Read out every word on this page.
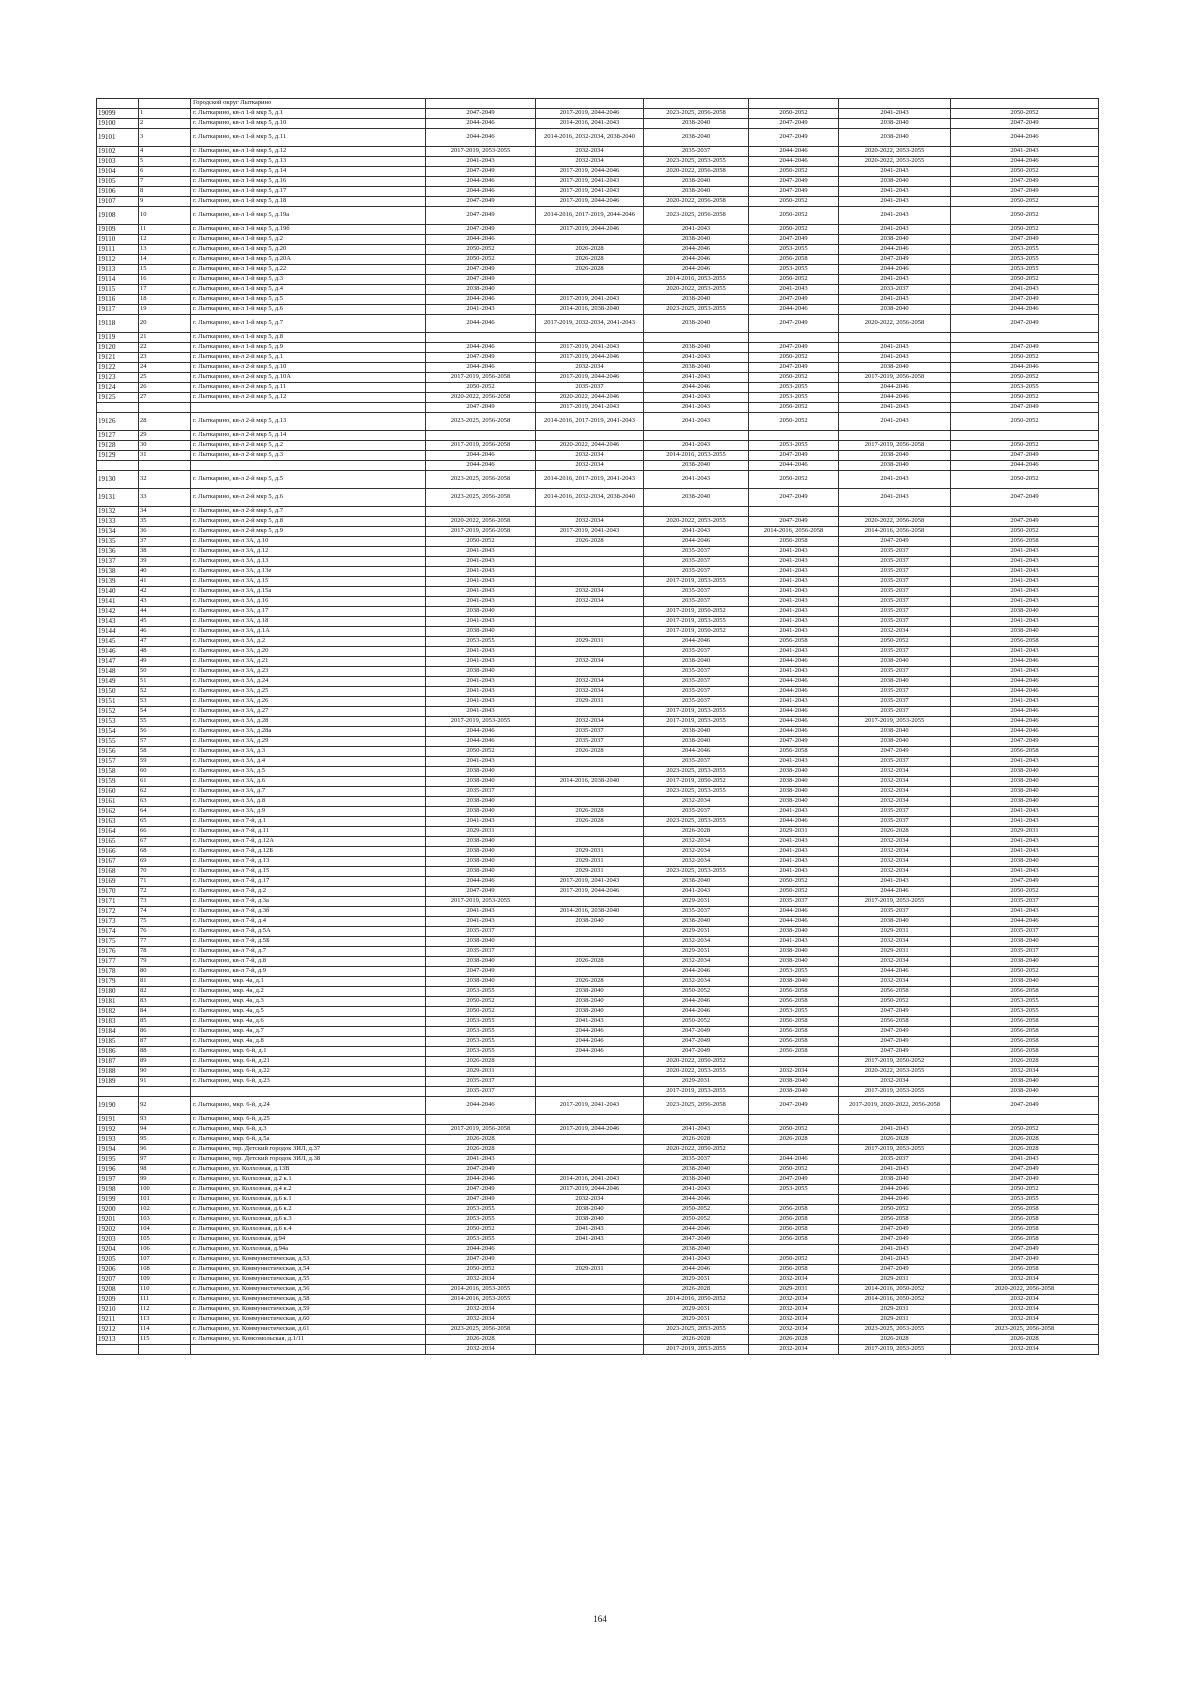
		Городской округ Лыткарино						
19099	1	г. Лыткарино, кв-л 1-й мкр 5, д.1	2047-2049	2017-2019, 2044-2046	2023-2025, 2056-2058	2050-2052	2041-2043	2050-2052
19100	2	г. Лыткарино, кв-л 1-й мкр 5, д.10	2044-2046	2014-2016, 2041-2043	2038-2040	2047-2049	2038-2040	2047-2049
19101	3	г. Лыткарино, кв-л 1-й мкр 5, д.11	2044-2046	2014-2016, 2032-2034, 2038-2040	2038-2040	2047-2049	2038-2040	2044-2046
19102	4	г. Лыткарино, кв-л 1-й мкр 5, д.12	2017-2019, 2053-2055	2032-2034	2035-2037	2044-2046	2020-2022, 2053-2055	2041-2043
19103	5	г. Лыткарино, кв-л 1-й мкр 5, д.13	2041-2043	2032-2034	2023-2025, 2053-2055	2044-2046	2020-2022, 2053-2055	2044-2046
19104	6	г. Лыткарино, кв-л 1-й мкр 5, д.14	2047-2049	2017-2019, 2044-2046	2020-2022, 2056-2058	2050-2052	2041-2043	2050-2052
19105	7	г. Лыткарино, кв-л 1-й мкр 5, д.16	2044-2046	2017-2019, 2041-2043	2038-2040	2047-2049	2038-2040	2047-2049
19106	8	г. Лыткарино, кв-л 1-й мкр 5, д.17	2044-2046	2017-2019, 2041-2043	2038-2040	2047-2049	2041-2043	2047-2049
19107	9	г. Лыткарино, кв-л 1-й мкр 5, д.18	2047-2049	2017-2019, 2044-2046	2020-2022, 2056-2058	2050-2052	2041-2043	2050-2052
19108	10	г. Лыткарино, кв-л 1-й мкр 5, д.19а	2047-2049	2014-2016, 2017-2019, 2044-2046	2023-2025, 2056-2058	2050-2052	2041-2043	2050-2052
19109	11	г. Лыткарино, кв-л 1-й мкр 5, д.19б	2047-2049	2017-2019, 2044-2046	2041-2043	2050-2052	2041-2043	2050-2052
19110	12	г. Лыткарино, кв-л 1-й мкр 5, д.2	2044-2046		2038-2040	2047-2049	2038-2040	2047-2049
19111	13	г. Лыткарино, кв-л 1-й мкр 5, д.20	2050-2052	2026-2028	2044-2046	2053-2055	2044-2046	2053-2055
19112	14	г. Лыткарино, кв-л 1-й мкр 5, д.20А	2050-2052	2026-2028	2044-2046	2056-2058	2047-2049	2053-2055
19113	15	г. Лыткарино, кв-л 1-й мкр 5, д.22	2047-2049	2026-2028	2044-2046	2053-2055	2044-2046	2053-2055
19114	16	г. Лыткарино, кв-л 1-й мкр 5, д.3	2047-2049		2014-2016, 2053-2055	2050-2052	2041-2043	2050-2052
19115	17	г. Лыткарино, кв-л 1-й мкр 5, д.4	2038-2040		2020-2022, 2053-2055	2041-2043	2033-2037	2041-2043
19116	18	г. Лыткарино, кв-л 1-й мкр 5, д.5	2044-2046	2017-2019, 2041-2043	2038-2040	2047-2049	2041-2043	2047-2049
19117	19	г. Лыткарино, кв-л 1-й мкр 5, д.6	2041-2043	2014-2016, 2038-2040	2023-2025, 2053-2055	2044-2046	2038-2040	2044-2046
19118	20	г. Лыткарино, кв-л 1-й мкр 5, д.7	2044-2046	2017-2019, 2032-2034, 2041-2043	2038-2040	2047-2049	2020-2022, 2056-2058	2047-2049
19119	21	г. Лыткарино, кв-л 1-й мкр 5, д.8						
19120	22	г. Лыткарино, кв-л 1-й мкр 5, д.9	2044-2046	2017-2019, 2041-2043	2038-2040	2047-2049	2041-2043	2047-2049
19121	23	г. Лыткарино, кв-л 2-й мкр 5, д.1	2047-2049	2017-2019, 2044-2046	2041-2043	2050-2052	2041-2043	2050-2052
19122	24	г. Лыткарино, кв-л 2-й мкр 5, д.10	2044-2046	2032-2034	2038-2040	2047-2049	2038-2040	2044-2046
19123	25	г. Лыткарино, кв-л 2-й мкр 5, д.10А	2017-2019, 2056-2058	2017-2019, 2044-2046	2041-2043	2050-2052	2017-2019, 2056-2058	2050-2052
19124	26	г. Лыткарино, кв-л 2-й мкр 5, д.11	2050-2052	2035-2037	2044-2046	2053-2055	2044-2046	2053-2055
19125	27	г. Лыткарино, кв-л 2-й мкр 5, д.12	2020-2022, 2056-2058	2020-2022, 2044-2046	2041-2043	2053-2055	2044-2046	2050-2052
			2047-2049	2017-2019, 2041-2043	2041-2043	2050-2052	2041-2043	2047-2049
19126	28	г. Лыткарино, кв-л 2-й мкр 5, д.13	2023-2025, 2056-2058	2014-2016, 2017-2019, 2041-2043	2041-2043	2050-2052	2041-2043	2050-2052
19127	29	г. Лыткарино, кв-л 2-й мкр 5, д.14						
19128	30	г. Лыткарино, кв-л 2-й мкр 5, д.2	2017-2019, 2056-2058	2020-2022, 2044-2046	2041-2043	2053-2055	2017-2019, 2056-2058	2050-2052
19129	31	г. Лыткарино, кв-л 2-й мкр 5, д.3	2044-2046	2032-2034	2014-2016, 2053-2055	2047-2049	2038-2040	2047-2049
			2044-2046	2032-2034	2038-2040	2044-2046	2038-2040	2044-2046
19130	32	г. Лыткарино, кв-л 2-й мкр 5, д.5	2023-2025, 2056-2058	2014-2016, 2017-2019, 2041-2043	2041-2043	2050-2052	2041-2043	2050-2052
19131	33	г. Лыткарино, кв-л 2-й мкр 5, д.6	2023-2025, 2056-2058	2014-2016, 2032-2034, 2038-2040	2038-2040	2047-2049	2041-2043	2047-2049
19132	34	г. Лыткарино, кв-л 2-й мкр 5, д.7						
19133	35	г. Лыткарино, кв-л 2-й мкр 5, д.8	2020-2022, 2056-2058	2032-2034	2020-2022, 2053-2055	2047-2049	2020-2022, 2056-2058	2047-2049
19134	36	г. Лыткарино, кв-л 2-й мкр 5, д.9	2017-2019, 2056-2058	2017-2019, 2041-2043	2041-2043	2014-2016, 2056-2058	2014-2016, 2056-2058	2050-2052
19135	37	г. Лыткарино, кв-л 3А, д.10	2050-2052	2026-2028	2044-2046	2056-2058	2047-2049	2056-2058
19136	38	г. Лыткарино, кв-л 3А, д.12	2041-2043		2035-2037	2041-2043	2035-2037	2041-2043
19137	39	г. Лыткарино, кв-л 3А, д.13	2041-2043		2035-2037	2041-2043	2035-2037	2041-2043
19138	40	г. Лыткарино, кв-л 3А, д.13е	2041-2043		2035-2037	2041-2043	2035-2037	2041-2043
19139	41	г. Лыткарино, кв-л 3А, д.15	2041-2043		2017-2019, 2053-2055	2041-2043	2035-2037	2041-2043
19140	42	г. Лыткарино, кв-л 3А, д.15а	2041-2043	2032-2034	2035-2037	2041-2043	2035-2037	2041-2043
19141	43	г. Лыткарино, кв-л 3А, д.16	2041-2043	2032-2034	2035-2037	2041-2043	2035-2037	2041-2043
19142	44	г. Лыткарино, кв-л 3А, д.17	2038-2040		2017-2019, 2050-2052	2041-2043	2035-2037	2038-2040
19143	45	г. Лыткарино, кв-л 3А, д.18	2041-2043		2017-2019, 2053-2055	2041-2043	2035-2037	2041-2043
19144	46	г. Лыткарино, кв-л 3А, д.1А	2038-2040		2017-2019, 2050-2052	2041-2043	2032-2034	2038-2040
19145	47	г. Лыткарино, кв-л 3А, д.2	2053-2055	2029-2031	2044-2046	2056-2058	2050-2052	2056-2058
19146	48	г. Лыткарино, кв-л 3А, д.20	2041-2043		2035-2037	2041-2043	2035-2037	2041-2043
19147	49	г. Лыткарино, кв-л 3А, д.21	2041-2043	2032-2034	2038-2040	2044-2046	2038-2040	2044-2046
19148	50	г. Лыткарино, кв-л 3А, д.23	2038-2040		2035-2037	2041-2043	2035-2037	2041-2043
19149	51	г. Лыткарино, кв-л 3А, д.24	2041-2043	2032-2034	2035-2037	2044-2046	2038-2040	2044-2046
19150	52	г. Лыткарино, кв-л 3А, д.25	2041-2043	2032-2034	2035-2037	2044-2046	2035-2037	2044-2046
19151	53	г. Лыткарино, кв-л 3А, д.26	2041-2043	2029-2031	2035-2037	2041-2043	2035-2037	2041-2043
19152	54	г. Лыткарино, кв-л 3А, д.27	2041-2043		2017-2019, 2053-2055	2044-2046	2035-2037	2044-2046
19153	55	г. Лыткарино, кв-л 3А, д.28	2017-2019, 2053-2055	2032-2034	2017-2019, 2053-2055	2044-2046	2017-2019, 2053-2055	2044-2046
19154	56	г. Лыткарино, кв-л 3А, д.28а	2044-2046	2035-2037	2038-2040	2044-2046	2038-2040	2044-2046
19155	57	г. Лыткарино, кв-л 3А, д.29	2044-2046	2035-2037	2038-2040	2047-2049	2038-2040	2047-2049
19156	58	г. Лыткарино, кв-л 3А, д.3	2050-2052	2026-2028	2044-2046	2056-2058	2047-2049	2056-2058
19157	59	г. Лыткарино, кв-л 3А, д.4	2041-2043		2035-2037	2041-2043	2035-2037	2041-2043
19158	60	г. Лыткарино, кв-л 3А, д.5	2038-2040		2023-2025, 2053-2055	2038-2040	2032-2034	2038-2040
19159	61	г. Лыткарино, кв-л 3А, д.6	2038-2040	2014-2016, 2038-2040	2017-2019, 2050-2052	2038-2040	2032-2034	2038-2040
19160	62	г. Лыткарино, кв-л 3А, д.7	2035-2037		2023-2025, 2053-2055	2038-2040	2032-2034	2038-2040
19161	63	г. Лыткарино, кв-л 3А, д.8	2038-2040		2032-2034	2038-2040	2032-2034	2038-2040
19162	64	г. Лыткарино, кв-л 3А, д.9	2038-2040	2026-2028	2035-2037	2041-2043	2035-2037	2041-2043
19163	65	г. Лыткарино, кв-л 7-й, д.1	2041-2043	2026-2028	2023-2025, 2053-2055	2044-2046	2035-2037	2041-2043
19164	66	г. Лыткарино, кв-л 7-й, д.11	2029-2031		2026-2028	2029-2031	2026-2028	2029-2031
19165	67	г. Лыткарино, кв-л 7-й, д.12А	2038-2040		2032-2034	2041-2043	2032-2034	2041-2043
19166	68	г. Лыткарино, кв-л 7-й, д.12Б	2038-2040	2029-2031	2032-2034	2041-2043	2032-2034	2041-2043
19167	69	г. Лыткарино, кв-л 7-й, д.13	2038-2040	2029-2031	2032-2034	2041-2043	2032-2034	2038-2040
19168	70	г. Лыткарино, кв-л 7-й, д.15	2038-2040	2029-2031	2023-2025, 2053-2055	2041-2043	2032-2034	2041-2043
19169	71	г. Лыткарино, кв-л 7-й, д.17	2044-2046	2017-2019, 2041-2043	2038-2040	2050-2052	2041-2043	2047-2049
19170	72	г. Лыткарино, кв-л 7-й, д.2	2047-2049	2017-2019, 2044-2046	2041-2043	2050-2052	2044-2046	2050-2052
19171	73	г. Лыткарино, кв-л 7-й, д.3а	2017-2019, 2053-2055		2029-2031	2035-2037	2017-2019, 2053-2055	2035-2037
19172	74	г. Лыткарино, кв-л 7-й, д.3б	2041-2043	2014-2016, 2038-2040	2035-2037	2044-2046	2035-2037	2041-2043
19173	75	г. Лыткарино, кв-л 7-й, д.4	2041-2043	2038-2040	2038-2040	2044-2046	2038-2040	2044-2046
19174	76	г. Лыткарино, кв-л 7-й, д.5А	2035-2037		2029-2031	2038-2040	2029-2031	2035-2037
19175	77	г. Лыткарино, кв-л 7-й, д.5Б	2038-2040		2032-2034	2041-2043	2032-2034	2038-2040
19176	78	г. Лыткарино, кв-л 7-й, д.7	2035-2037		2029-2031	2038-2040	2029-2031	2035-2037
19177	79	г. Лыткарино, кв-л 7-й, д.8	2038-2040	2026-2028	2032-2034	2038-2040	2032-2034	2038-2040
19178	80	г. Лыткарино, кв-л 7-й, д.9	2047-2049		2044-2046	2053-2055	2044-2046	2050-2052
19179	81	г. Лыткарино, мкр. 4а, д.1	2038-2040	2026-2028	2032-2034	2038-2040	2032-2034	2038-2040
19180	82	г. Лыткарино, мкр. 4а, д.2	2053-2055	2038-2040	2050-2052	2056-2058	2056-2058	2056-2058
19181	83	г. Лыткарино, мкр. 4а, д.3	2050-2052	2038-2040	2044-2046	2056-2058	2050-2052	2053-2055
19182	84	г. Лыткарино, мкр. 4а, д.5	2050-2052	2038-2040	2044-2046	2053-2055	2047-2049	2053-2055
19183	85	г. Лыткарино, мкр. 4а, д.6	2053-2055	2041-2043	2050-2052	2056-2058	2056-2058	2056-2058
19184	86	г. Лыткарино, мкр. 4а, д.7	2053-2055	2044-2046	2047-2049	2056-2058	2047-2049	2056-2058
19185	87	г. Лыткарино, мкр. 4а, д.8	2053-2055	2044-2046	2047-2049	2056-2058	2047-2049	2056-2058
19186	88	г. Лыткарино, мкр. 6-й, д.1	2053-2055	2044-2046	2047-2049	2056-2058	2047-2049	2056-2058
19187	89	г. Лыткарино, мкр. 6-й, д.21	2026-2028		2020-2022, 2050-2052		2017-2019, 2050-2052	2026-2028
19188	90	г. Лыткарино, мкр. 6-й, д.22	2029-2031		2020-2022, 2053-2055	2032-2034	2020-2022, 2053-2055	2032-2034
19189	91	г. Лыткарино, мкр. 6-й, д.23	2035-2037		2029-2031	2038-2040	2032-2034	2038-2040
			2035-2037		2017-2019, 2053-2055	2038-2040	2017-2019, 2053-2055	2038-2040
19190	92	г. Лыткарино, мкр. 6-й, д.24	2044-2046	2017-2019, 2041-2043	2023-2025, 2056-2058	2047-2049	2017-2019, 2020-2022, 2056-2058	2047-2049
19191	93	г. Лыткарино, мкр. 6-й, д.25						
19192	94	г. Лыткарино, мкр. 6-й, д.3	2017-2019, 2056-2058	2017-2019, 2044-2046	2041-2043	2050-2052	2041-2043	2050-2052
19193	95	г. Лыткарино, мкр. 6-й, д.5а	2026-2028		2026-2028	2026-2028	2026-2028	2026-2028
19194	96	г. Лыткарино, тер. Детский городок ЗИЛ, д.37	2026-2028		2020-2022, 2050-2052		2017-2019, 2053-2055	2026-2028
19195	97	г. Лыткарино, тер. Детский городок ЗИЛ, д.38	2041-2043		2035-2037	2044-2046	2035-2037	2041-2043
19196	98	г. Лыткарино, ул. Колхозная, д.13В	2047-2049		2038-2040	2050-2052	2041-2043	2047-2049
19197	99	г. Лыткарино, ул. Колхозная, д.2 к.1	2044-2046	2014-2016, 2041-2043	2038-2040	2047-2049	2038-2040	2047-2049
19198	100	г. Лыткарино, ул. Колхозная, д.4 к.2	2047-2049	2017-2019, 2044-2046	2041-2043	2053-2055	2044-2046	2050-2052
19199	101	г. Лыткарино, ул. Колхозная, д.6 к.1	2047-2049	2032-2034	2044-2046		2044-2046	2053-2055
19200	102	г. Лыткарино, ул. Колхозная, д.6 к.2	2053-2055	2038-2040	2050-2052	2056-2058	2050-2052	2056-2058
19201	103	г. Лыткарино, ул. Колхозная, д.6 к.3	2053-2055	2038-2040	2050-2052	2056-2058	2056-2058	2056-2058
19202	104	г. Лыткарино, ул. Колхозная, д.6 к.4	2050-2052	2041-2043	2044-2046	2056-2058	2047-2049	2056-2058
19203	105	г. Лыткарино, ул. Колхозная, д.94	2053-2055	2041-2043	2047-2049	2056-2058	2047-2049	2056-2058
19204	106	г. Лыткарино, ул. Колхозная, д.94а	2044-2046		2038-2040		2041-2043	2047-2049
19205	107	г. Лыткарино, ул. Коммунистическая, д.53	2047-2049		2041-2043	2050-2052	2041-2043	2047-2049
19206	108	г. Лыткарино, ул. Коммунистическая, д.54	2050-2052	2029-2031	2044-2046	2056-2058	2047-2049	2056-2058
19207	109	г. Лыткарино, ул. Коммунистическая, д.55	2032-2034		2029-2031	2032-2034	2029-2031	2032-2034
19208	110	г. Лыткарино, ул. Коммунистическая, д.56	2014-2016, 2053-2055		2026-2028	2029-2031	2014-2016, 2050-2052	2020-2022, 2056-2058
19209	111	г. Лыткарино, ул. Коммунистическая, д.58	2014-2016, 2053-2055		2014-2016, 2050-2052	2032-2034	2014-2016, 2050-2052	2032-2034
19210	112	г. Лыткарино, ул. Коммунистическая, д.59	2032-2034		2029-2031	2032-2034	2029-2031	2032-2034
19211	113	г. Лыткарино, ул. Коммунистическая, д.60	2032-2034		2029-2031	2032-2034	2029-2031	2032-2034
19212	114	г. Лыткарино, ул. Коммунистическая, д.61	2023-2025, 2056-2058		2023-2025, 2053-2055	2032-2034	2023-2025, 2053-2055	2023-2025, 2056-2058
19213	115	г. Лыткарино, ул. Комсомольская, д.1/11	2026-2028		2026-2028	2026-2028	2026-2028	2026-2028
			2032-2034		2017-2019, 2053-2055	2032-2034	2017-2019, 2053-2055	2032-2034
164
